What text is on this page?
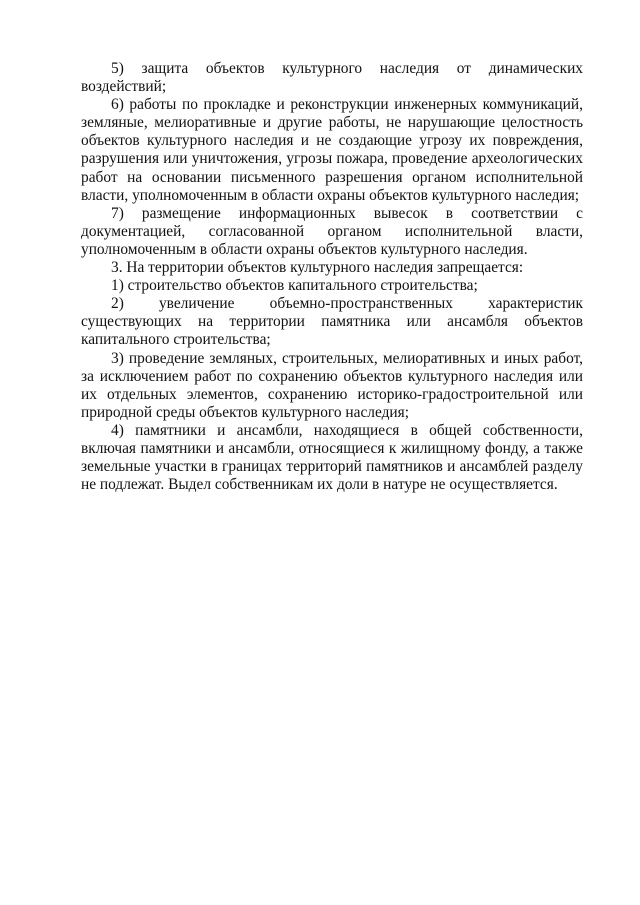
5) защита объектов культурного наследия от динамических воздействий;

6) работы по прокладке и реконструкции инженерных коммуникаций, земляные, мелиоративные и другие работы, не нарушающие целостность объектов культурного наследия и не создающие угрозу их повреждения, разрушения или уничтожения, угрозы пожара, проведение археологических работ на основании письменного разрешения органом исполнительной власти, уполномоченным в области охраны объектов культурного наследия;

7) размещение информационных вывесок в соответствии с документацией, согласованной органом исполнительной власти, уполномоченным в области охраны объектов культурного наследия.

3. На территории объектов культурного наследия запрещается:

1) строительство объектов капитального строительства;

2) увеличение объемно-пространственных характеристик существующих на территории памятника или ансамбля объектов капитального строительства;

3) проведение земляных, строительных, мелиоративных и иных работ, за исключением работ по сохранению объектов культурного наследия или их отдельных элементов, сохранению историко-градостроительной или природной среды объектов культурного наследия;

4) памятники и ансамбли, находящиеся в общей собственности, включая памятники и ансамбли, относящиеся к жилищному фонду, а также земельные участки в границах территорий памятников и ансамблей разделу не подлежат. Выдел собственникам их доли в натуре не осуществляется.
